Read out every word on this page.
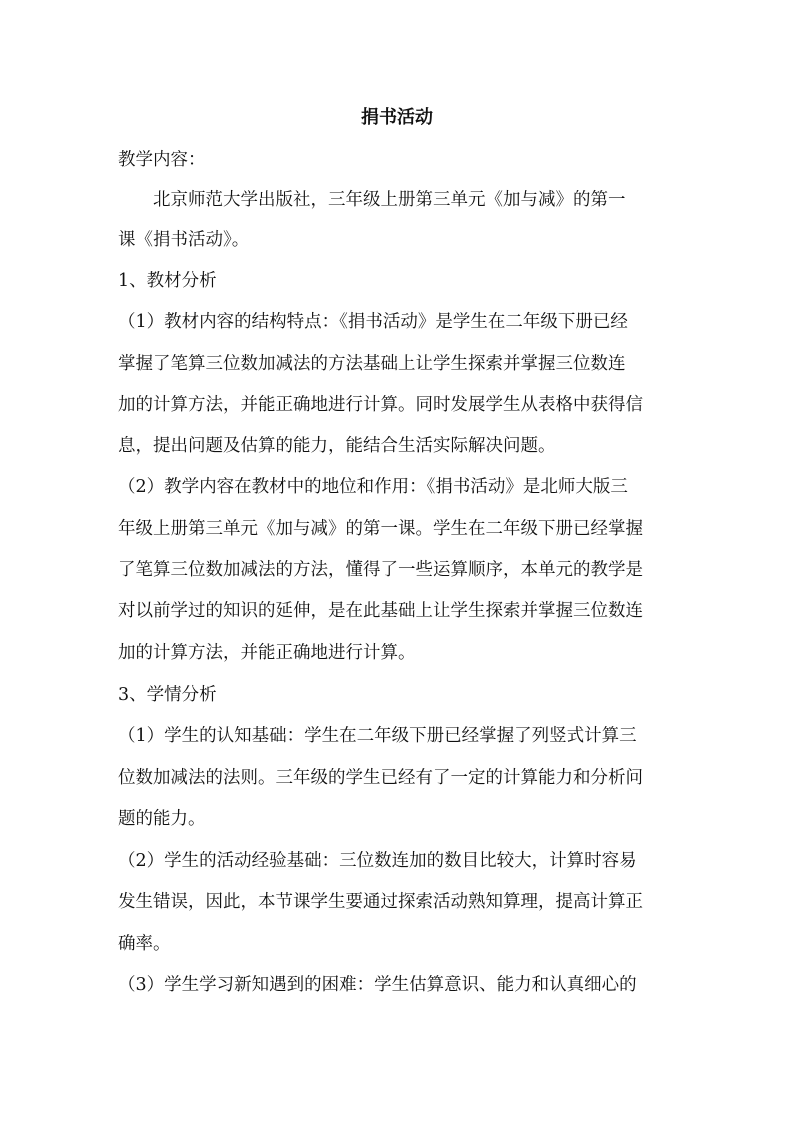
捐书活动
教学内容：
　　北京师范大学出版社，三年级上册第三单元《加与减》的第一
课《捐书活动》。
1、教材分析
（1）教材内容的结构特点：《捐书活动》是学生在二年级下册已经
掌握了笔算三位数加减法的方法基础上让学生探索并掌握三位数连
加的计算方法，并能正确地进行计算。同时发展学生从表格中获得信
息，提出问题及估算的能力，能结合生活实际解决问题。
（2）教学内容在教材中的地位和作用：《捐书活动》是北师大版三
年级上册第三单元《加与减》的第一课。学生在二年级下册已经掌握
了笔算三位数加减法的方法，懂得了一些运算顺序，本单元的教学是
对以前学过的知识的延伸，是在此基础上让学生探索并掌握三位数连
加的计算方法，并能正确地进行计算。
3、学情分析
（1）学生的认知基础：学生在二年级下册已经掌握了列竖式计算三
位数加减法的法则。三年级的学生已经有了一定的计算能力和分析问
题的能力。
（2）学生的活动经验基础：三位数连加的数目比较大，计算时容易
发生错误，因此，本节课学生要通过探索活动熟知算理，提高计算正
确率。
（3）学生学习新知遇到的困难：学生估算意识、能力和认真细心的
